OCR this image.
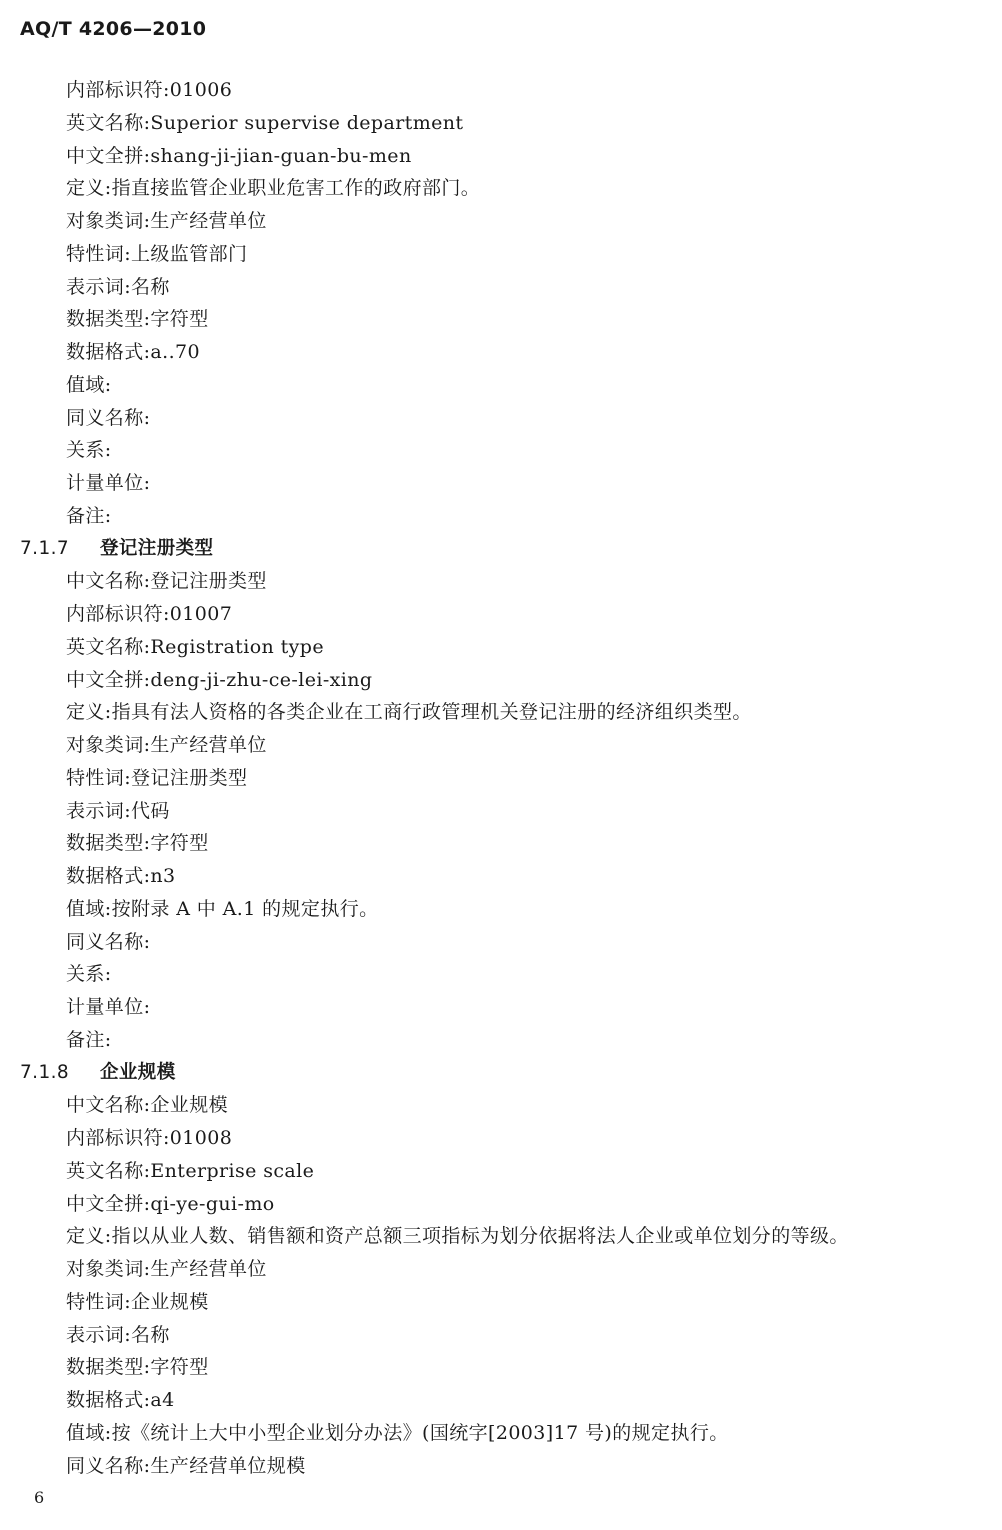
AQ/T 4206—2010
内部标识符:01006
英文名称:Superior supervise department
中文全拼:shang-ji-jian-guan-bu-men
定义:指直接监管企业职业危害工作的政府部门。
对象类词:生产经营单位
特性词:上级监管部门
表示词:名称
数据类型:字符型
数据格式:a..70
值域:
同义名称:
关系:
计量单位:
备注:
7.1.7 登记注册类型
中文名称:登记注册类型
内部标识符:01007
英文名称:Registration type
中文全拼:deng-ji-zhu-ce-lei-xing
定义:指具有法人资格的各类企业在工商行政管理机关登记注册的经济组织类型。
对象类词:生产经营单位
特性词:登记注册类型
表示词:代码
数据类型:字符型
数据格式:n3
值域:按附录 A 中 A.1 的规定执行。
同义名称:
关系:
计量单位:
备注:
7.1.8 企业规模
中文名称:企业规模
内部标识符:01008
英文名称:Enterprise scale
中文全拼:qi-ye-gui-mo
定义:指以从业人数、销售额和资产总额三项指标为划分依据将法人企业或单位划分的等级。
对象类词:生产经营单位
特性词:企业规模
表示词:名称
数据类型:字符型
数据格式:a4
值域:按《统计上大中小型企业划分办法》(国统字[2003]17 号)的规定执行。
同义名称:生产经营单位规模
6
